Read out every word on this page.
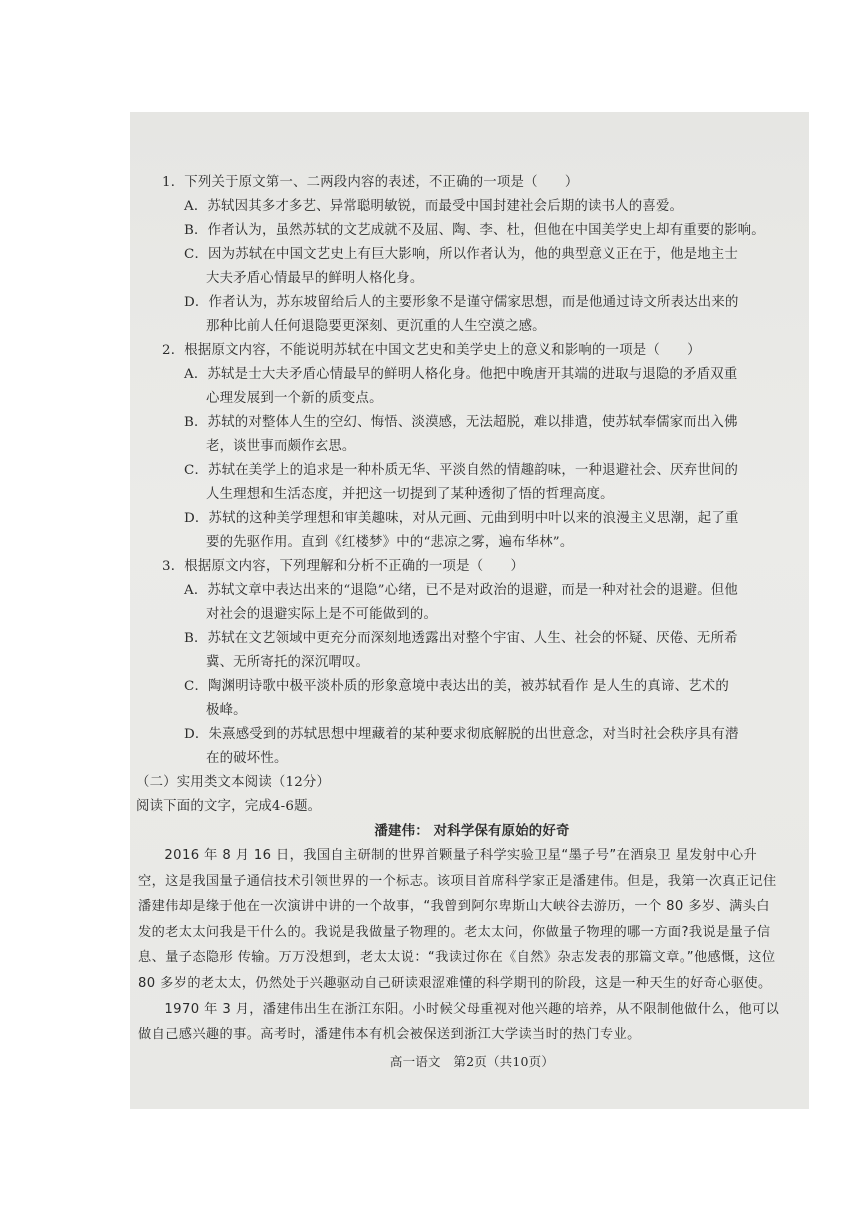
1．下列关于原文第一、二两段内容的表述，不正确的一项是（　　）

A．苏轼因其多才多艺、异常聪明敏锐，而最受中国封建社会后期的读书人的喜爱。
B．作者认为，虽然苏轼的文艺成就不及屈、陶、李、杜，但他在中国美学史上却有重要的影响。
C．因为苏轼在中国文艺史上有巨大影响，所以作者认为，他的典型意义正在于，他是地主士
大夫矛盾心情最早的鲜明人格化身。
D．作者认为，苏东坡留给后人的主要形象不是谨守儒家思想，而是他通过诗文所表达出来的
那种比前人任何退隐要更深刻、更沉重的人生空漠之感。

2．根据原文内容，不能说明苏轼在中国文艺史和美学史上的意义和影响的一项是（　　）

A．苏轼是士大夫矛盾心情最早的鲜明人格化身。他把中晚唐开其端的进取与退隐的矛盾双重
心理发展到一个新的质变点。
B．苏轼的对整体人生的空幻、悔悟、淡漠感，无法超脱，难以排遣，使苏轼奉儒家而出入佛
老，谈世事而颇作玄思。
C．苏轼在美学上的追求是一种朴质无华、平淡自然的情趣韵味，一种退避社会、厌弃世间的
人生理想和生活态度，并把这一切提到了某种透彻了悟的哲理高度。
D．苏轼的这种美学理想和审美趣味，对从元画、元曲到明中叶以来的浪漫主义思潮，起了重
要的先驱作用。直到《红楼梦》中的“悲凉之雾，遍布华林”。

3．根据原文内容，下列理解和分析不正确的一项是（　　）

A．苏轼文章中表达出来的“退隐”心绪，已不是对政治的退避，而是一种对社会的退避。但他
对社会的退避实际上是不可能做到的。
B．苏轼在文艺领域中更充分而深刻地透露出对整个宇宙、人生、社会的怀疑、厌倦、无所希
冀、无所寄托的深沉喟叹。
C．陶渊明诗歌中极平淡朴质的形象意境中表达出的美，被苏轼看作 是人生的真谛、艺术的
极峰。
D．朱熹感受到的苏轼思想中埋藏着的某种要求彻底解脱的出世意念，对当时社会秩序具有潜
在的破坏性。

（二）实用类文本阅读（12分）

阅读下面的文字，完成4-6题。

潘建伟： 对科学保有原始的好奇

2016 年 8 月 16 日，我国自主研制的世界首颗量子科学实验卫星“墨子号”在酒泉卫 星发射中心升空，这是我国量子通信技术引领世界的一个标志。该项目首席科学家正是潘建伟。但是，我第一次真正记住潘建伟却是缘于他在一次演讲中讲的一个故事，“我曾到阿尔卑斯山大峡谷去游历，一个 80 多岁、满头白发的老太太问我是干什么的。我说是我做量子物理的。老太太问，你做量子物理的哪一方面?我说是量子信息、量子态隐形 传输。万万没想到，老太太说：“我读过你在《自然》杂志发表的那篇文章。”他感慨，这位80 多岁的老太太，仍然处于兴趣驱动自己研读艰涩难懂的科学期刊的阶段，这是一种天生的好奇心驱使。

1970 年 3 月，潘建伟出生在浙江东阳。小时候父母重视对他兴趣的培养，从不限制他做什么，他可以做自己感兴趣的事。高考时，潘建伟本有机会被保送到浙江大学读当时的热门专业。

高一语文　第2页（共10页）
